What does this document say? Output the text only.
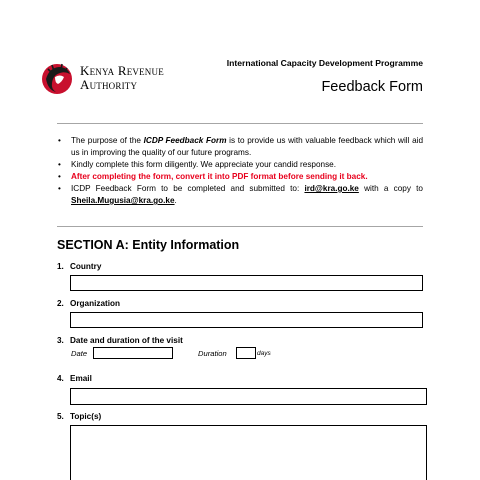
Kenya Revenue
Authority
International Capacity Development Programme
Feedback Form
• The purpose of the ICDP Feedback Form is to provide us with valuable feedback which will aid us in improving the quality of our future programs.
• Kindly complete this form diligently. We appreciate your candid response.
• After completing the form, convert it into PDF format before sending it back.
• ICDP Feedback Form to be completed and submitted to: ird@kra.go.ke with a copy to Sheila.Mugusia@kra.go.ke.
SECTION A: Entity Information
1. Country
2. Organization
3. Date and duration of the visit
Date	Duration	days
4. Email
5. Topic(s)
